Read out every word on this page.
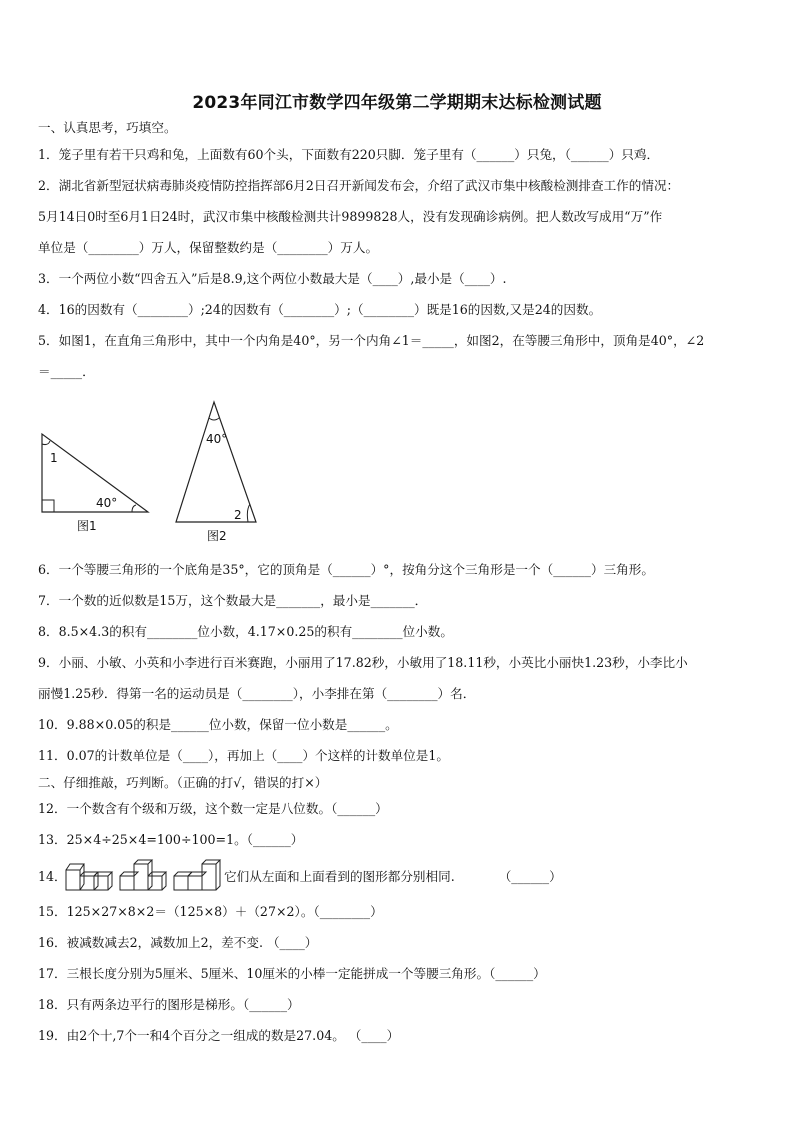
2023年同江市数学四年级第二学期期末达标检测试题
一、认真思考，巧填空。
1．笼子里有若干只鸡和兔，上面数有60个头，下面数有220只脚．笼子里有（______）只兔，（______）只鸡．
2．湖北省新型冠状病毒肺炎疫情防控指挥部6月2日召开新闻发布会，介绍了武汉市集中核酸检测排查工作的情况：
5月14日0时至6月1日24时，武汉市集中核酸检测共计9899828人，没有发现确诊病例。把人数改写成用“万”作
单位是（________）万人，保留整数约是（________）万人。
3．一个两位小数“四舍五入”后是8.9,这个两位小数最大是（____）,最小是（____）.
4．16的因数有（________）;24的因数有（________）;（________）既是16的因数,又是24的因数。
5．如图1，在直角三角形中，其中一个内角是40°，另一个内角∠1＝_____，如图2，在等腰三角形中，顶角是40°，∠2
＝_____．
1
40°
图1
40°
2
图2
6．一个等腰三角形的一个底角是35°，它的顶角是（______）°，按角分这个三角形是一个（______）三角形。
7．一个数的近似数是15万，这个数最大是_______，最小是_______．
8．8.5×4.3的积有________位小数，4.17×0.25的积有________位小数。
9．小丽、小敏、小英和小李进行百米赛跑，小丽用了17.82秒，小敏用了18.11秒，小英比小丽快1.23秒，小李比小
丽慢1.25秒．得第一名的运动员是（________），小李排在第（________）名．
10．9.88×0.05的积是______位小数，保留一位小数是______。
11．0.07的计数单位是（____），再加上（____）个这样的计数单位是1。
二、仔细推敲，巧判断。（正确的打√，错误的打×）
12．一个数含有个级和万级，这个数一定是八位数。（______）
13．25×4÷25×4=100÷100=1。（______）
14．	它们从左面和上面看到的图形都分别相同.	（______）
15．125×27×8×2＝（125×8）＋（27×2）。（________）
16．被减数减去2，减数加上2，差不变. （____）
17．三根长度分别为5厘米、5厘米、10厘米的小棒一定能拼成一个等腰三角形。（______）
18．只有两条边平行的图形是梯形。（______）
19．由2个十,7个一和4个百分之一组成的数是27.04。 （____）
